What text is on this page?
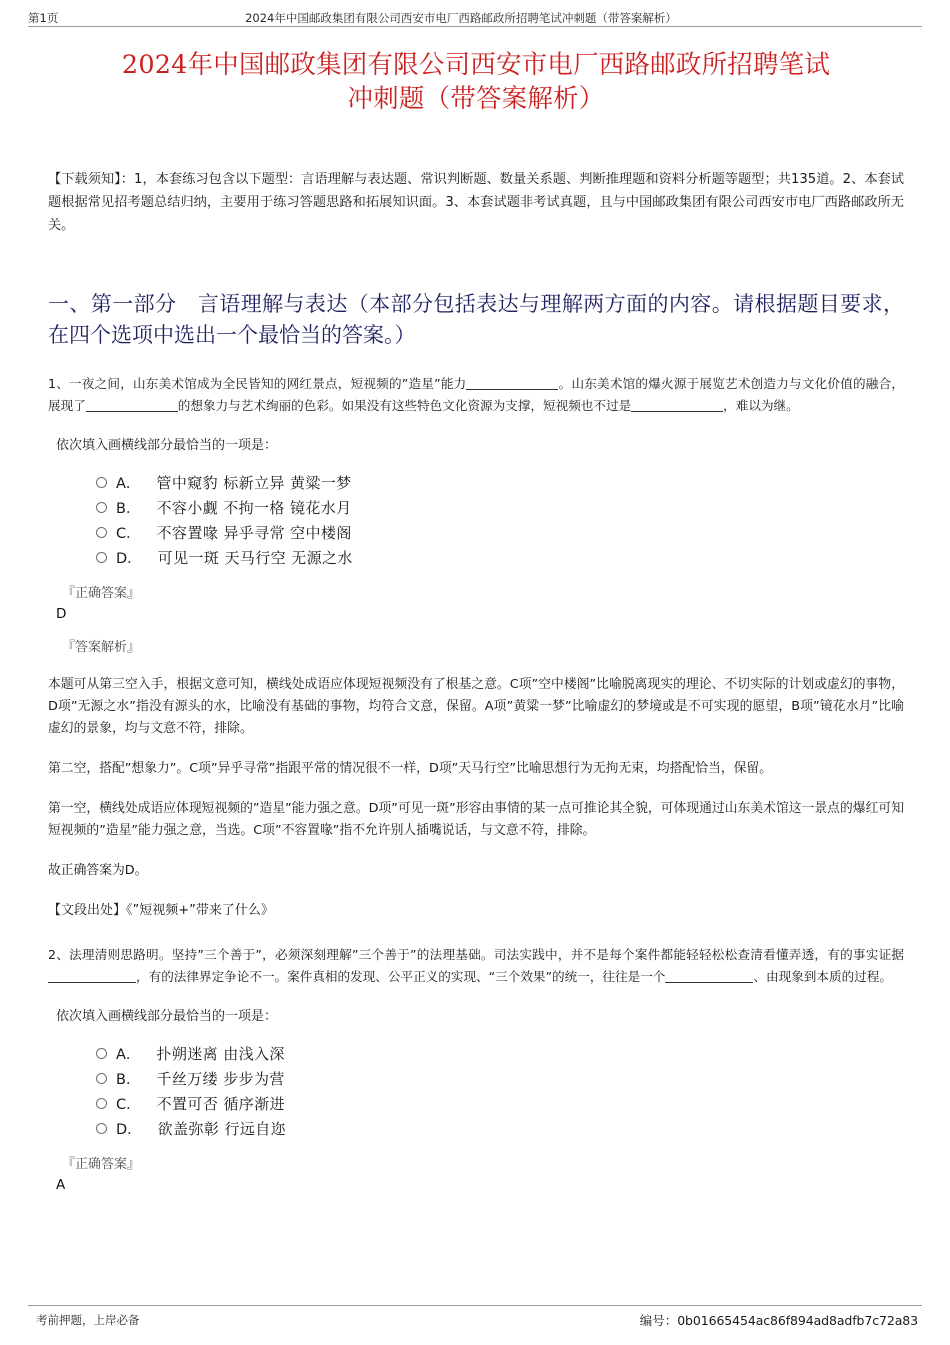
第1页	2024年中国邮政集团有限公司西安市电厂西路邮政所招聘笔试冲刺题（带答案解析）
2024年中国邮政集团有限公司西安市电厂西路邮政所招聘笔试
冲刺题（带答案解析）

【下载须知】：1，本套练习包含以下题型：言语理解与表达题、常识判断题、数量关系题、判断推理题和资料分析题等题型；共135道。2、本套试题根据常见招考题总结归纳，主要用于练习答题思路和拓展知识面。3、本套试题非考试真题，且与中国邮政集团有限公司西安市电厂西路邮政所无关。

一、第一部分　言语理解与表达（本部分包括表达与理解两方面的内容。请根据题目要求，在四个选项中选出一个最恰当的答案。）

1、一夜之间，山东美术馆成为全民皆知的网红景点，短视频的”造星”能力	。山东美术馆的爆火源于展览艺术创造力与文化价值的融合，展现了	的想象力与艺术绚丽的色彩。如果没有这些特色文化资源为支撑，短视频也不过是	，难以为继。

依次填入画横线部分最恰当的一项是：

A． 管中窥豹 标新立异 黄粱一梦
B． 不容小觑 不拘一格 镜花水月
C． 不容置喙 异乎寻常 空中楼阁
D． 可见一斑 天马行空 无源之水
『正确答案』
D
『答案解析』

本题可从第三空入手，根据文意可知，横线处成语应体现短视频没有了根基之意。C项”空中楼阁”比喻脱离现实的理论、不切实际的计划或虚幻的事物，D项”无源之水”指没有源头的水，比喻没有基础的事物，均符合文意，保留。A项”黄粱一梦”比喻虚幻的梦境或是不可实现的愿望，B项”镜花水月”比喻虚幻的景象，均与文意不符，排除。

第二空，搭配”想象力”。C项”异乎寻常”指跟平常的情况很不一样，D项”天马行空”比喻思想行为无拘无束，均搭配恰当，保留。

第一空，横线处成语应体现短视频的”造星”能力强之意。D项”可见一斑”形容由事情的某一点可推论其全貌，可体现通过山东美术馆这一景点的爆红可知短视频的”造星”能力强之意，当选。C项”不容置喙”指不允许别人插嘴说话，与文意不符，排除。

故正确答案为D。

【文段出处】《”短视频+”带来了什么》

2、法理清则思路明。坚持”三个善于”，必须深刻理解”三个善于”的法理基础。司法实践中，并不是每个案件都能轻轻松松查清看懂弄透，有的事实证据，有的法律界定争论不一。案件真相的发现、公平正义的实现、“三个效果”的统一，往往是一个	、由现象到本质的过程。

依次填入画横线部分最恰当的一项是：

A． 扑朔迷离 由浅入深
B． 千丝万缕 步步为营
C． 不置可否 循序渐进
D． 欲盖弥彰 行远自迩
『正确答案』
A
考前押题，上岸必备	编号：0b01665454ac86f894ad8adfb7c72a83
